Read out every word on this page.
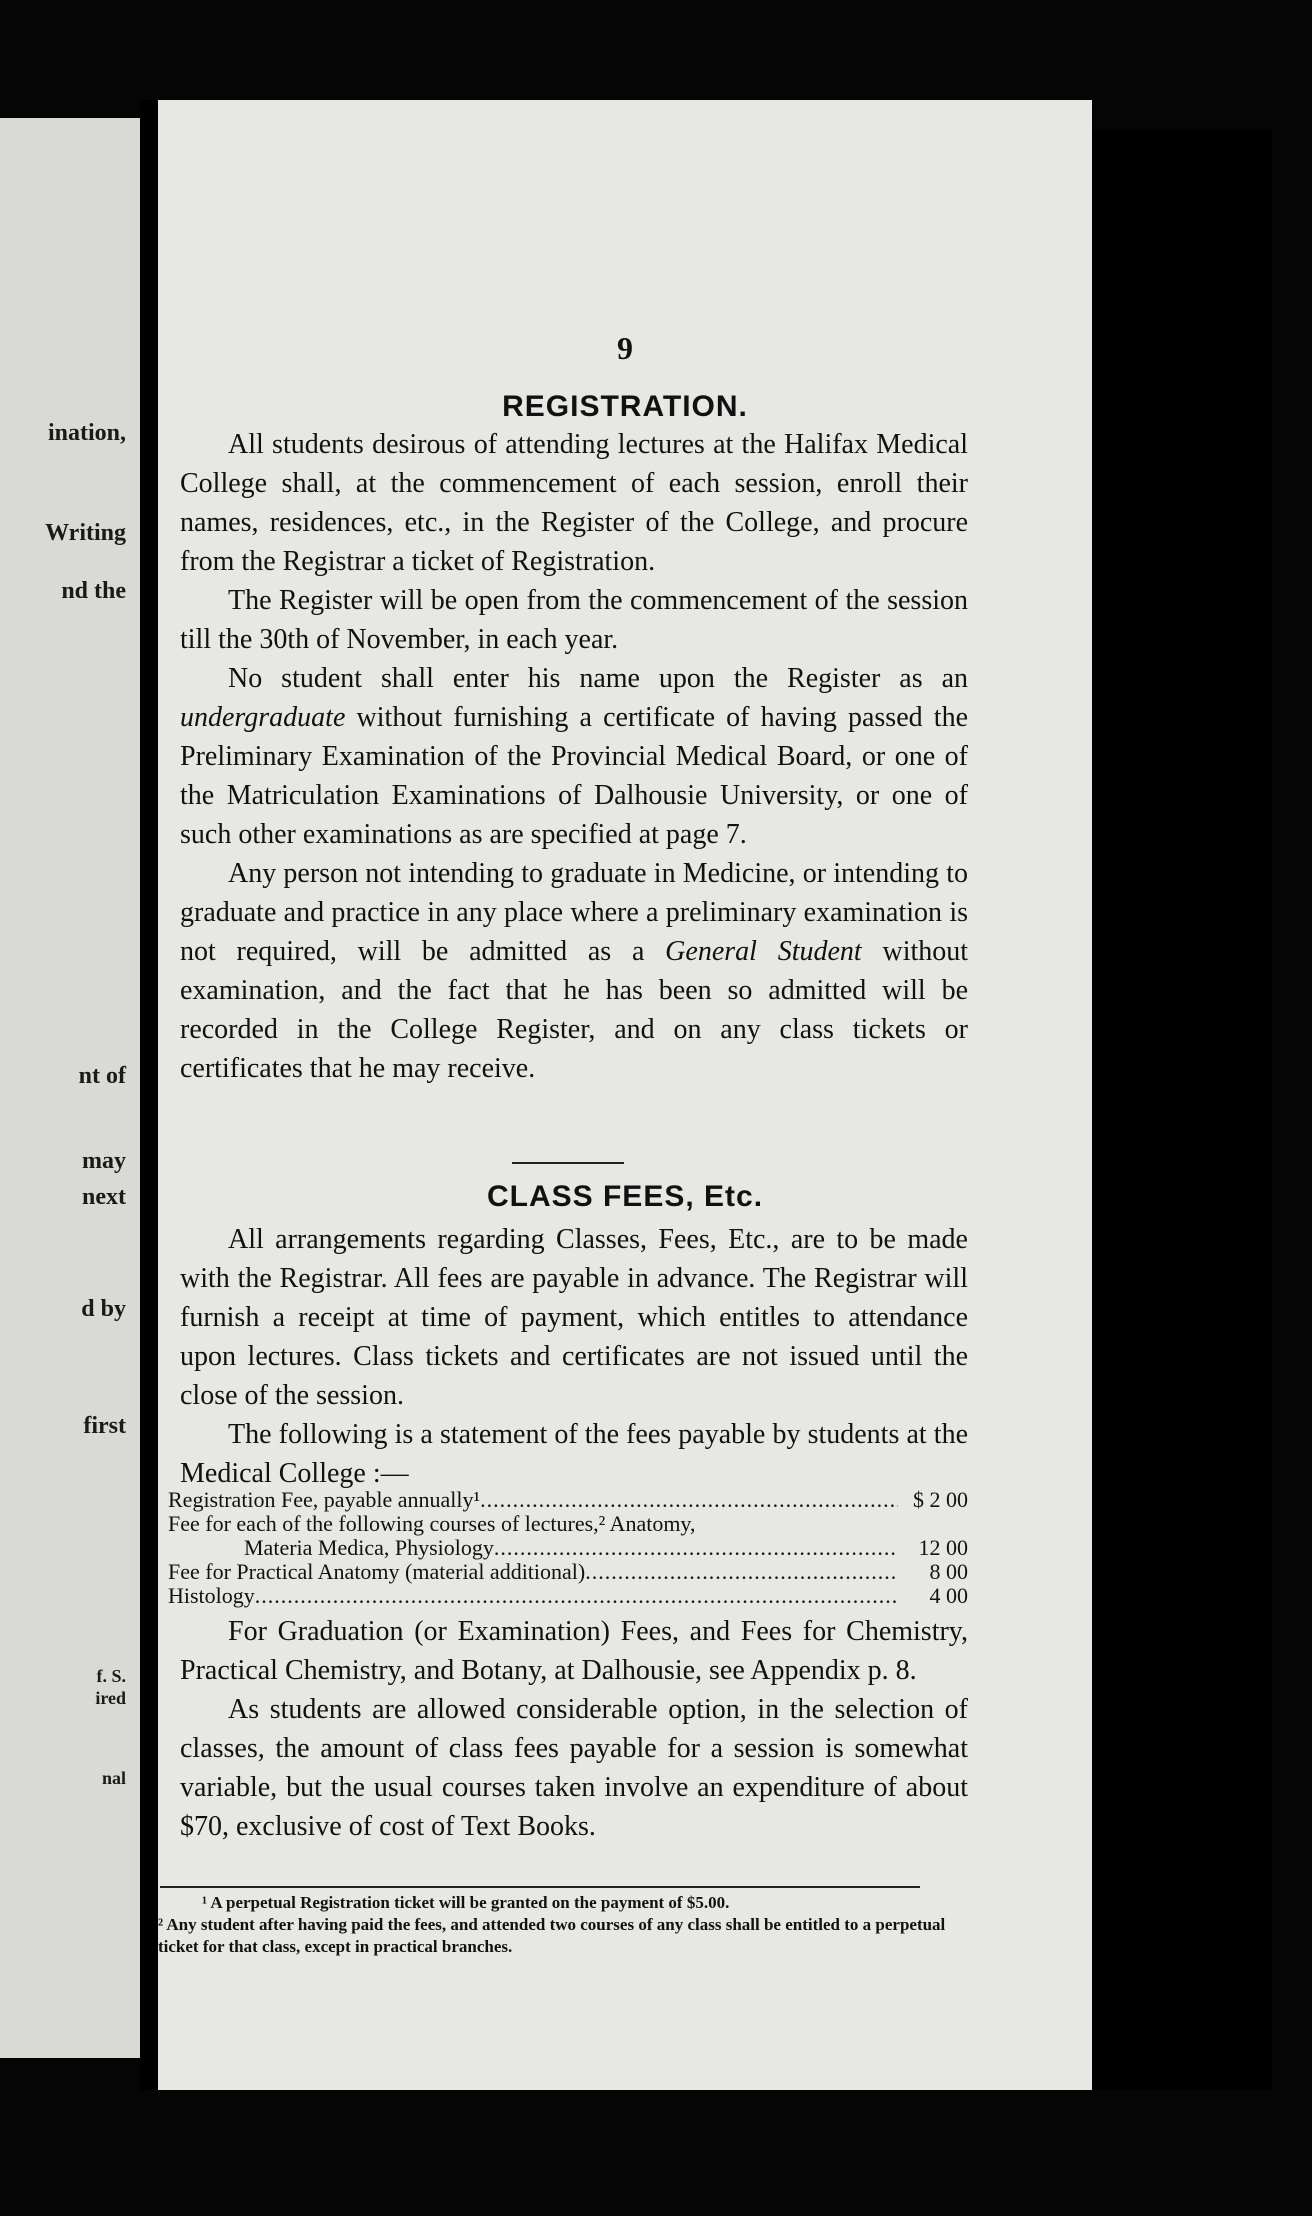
ination,
Writing
nd the
nt of
may
next
d by
first
f. S.
ired
nal
9
REGISTRATION.

All students desirous of attending lectures at the Halifax Medical College shall, at the commencement of each session, enroll their names, residences, etc., in the Register of the College, and procure from the Registrar a ticket of Registration.

The Register will be open from the commencement of the session till the 30th of November, in each year.

No student shall enter his name upon the Register as an undergraduate without furnishing a certificate of having passed the Preliminary Examination of the Provincial Medical Board, or one of the Matriculation Examinations of Dalhousie University, or one of such other examinations as are specified at page 7.

Any person not intending to graduate in Medicine, or intending to graduate and practice in any place where a preliminary examination is not required, will be admitted as a General Student without examination, and the fact that he has been so admitted will be recorded in the College Register, and on any class tickets or certificates that he may receive.

CLASS FEES, Etc.

All arrangements regarding Classes, Fees, Etc., are to be made with the Registrar. All fees are payable in advance. The Registrar will furnish a receipt at time of payment, which entitles to attendance upon lectures. Class tickets and certificates are not issued until the close of the session.

The following is a statement of the fees payable by students at the Medical College :—

Registration Fee, payable annually¹ .....	$ 2 00
Fee for each of the following courses of lectures,² Anatomy,
Materia Medica, Physiology .....	12 00
Fee for Practical Anatomy (material additional) .....	8 00
Histology .....	4 00

For Graduation (or Examination) Fees, and Fees for Chemistry, Practical Chemistry, and Botany, at Dalhousie, see Appendix p. 8.

As students are allowed considerable option, in the selection of classes, the amount of class fees payable for a session is somewhat variable, but the usual courses taken involve an expenditure of about $70, exclusive of cost of Text Books.

¹ A perpetual Registration ticket will be granted on the payment of $5.00.

² Any student after having paid the fees, and attended two courses of any class shall be entitled to a perpetual ticket for that class, except in practical branches.
